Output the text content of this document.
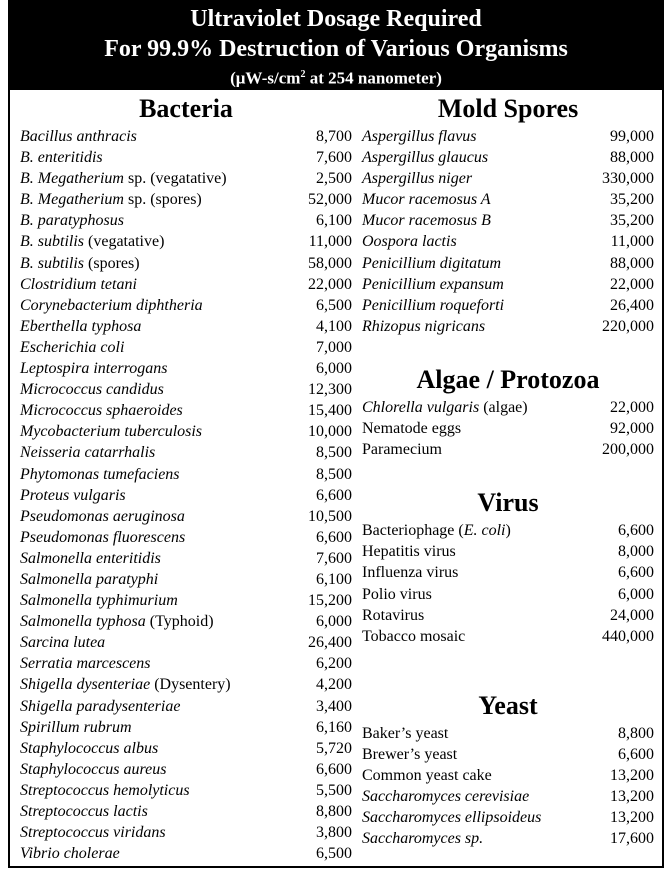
Ultraviolet Dosage Required
For 99.9% Destruction of Various Organisms
($\mu W-s/cm^2$ at 254 nanometer)
Bacteria
Bacillus anthracis	8,700
B. enteritidis	7,600
B. Megatherium sp. (vegatative)	2,500
B. Megatherium sp. (spores)	52,000
B. paratyphosus	6,100
B. subtilis (vegatative)	11,000
B. subtilis (spores)	58,000
Clostridium tetani	22,000
Corynebacterium diphtheria	6,500
Eberthella typhosa	4,100
Escherichia coli	7,000
Leptospira interrogans	6,000
Micrococcus candidus	12,300
Micrococcus sphaeroides	15,400
Mycobacterium tuberculosis	10,000
Neisseria catarrhalis	8,500
Phytomonas tumefaciens	8,500
Proteus vulgaris	6,600
Pseudomonas aeruginosa	10,500
Pseudomonas fluorescens	6,600
Salmonella enteritidis	7,600
Salmonella paratyphi	6,100
Salmonella typhimurium	15,200
Salmonella typhosa (Typhoid)	6,000
Sarcina lutea	26,400
Serratia marcescens	6,200
Shigella dysenteriae (Dysentery)	4,200
Shigella paradysenteriae	3,400
Spirillum rubrum	6,160
Staphylococcus albus	5,720
Staphylococcus aureus	6,600
Streptococcus hemolyticus	5,500
Streptococcus lactis	8,800
Streptococcus viridans	3,800
Vibrio cholerae	6,500
Mold Spores
Aspergillus flavus	99,000
Aspergillus glaucus	88,000
Aspergillus niger	330,000
Mucor racemosus A	35,200
Mucor racemosus B	35,200
Oospora lactis	11,000
Penicillium digitatum	88,000
Penicillium expansum	22,000
Penicillium roqueforti	26,400
Rhizopus nigricans	220,000
Algae / Protozoa
Chlorella vulgaris (algae)	22,000
Nematode eggs	92,000
Paramecium	200,000
Virus
Bacteriophage (E. coli)	6,600
Hepatitis virus	8,000
Influenza virus	6,600
Polio virus	6,000
Rotavirus	24,000
Tobacco mosaic	440,000
Yeast
Baker’s yeast	8,800
Brewer’s yeast	6,600
Common yeast cake	13,200
Saccharomyces cerevisiae	13,200
Saccharomyces ellipsoideus	13,200
Saccharomyces sp.	17,600
